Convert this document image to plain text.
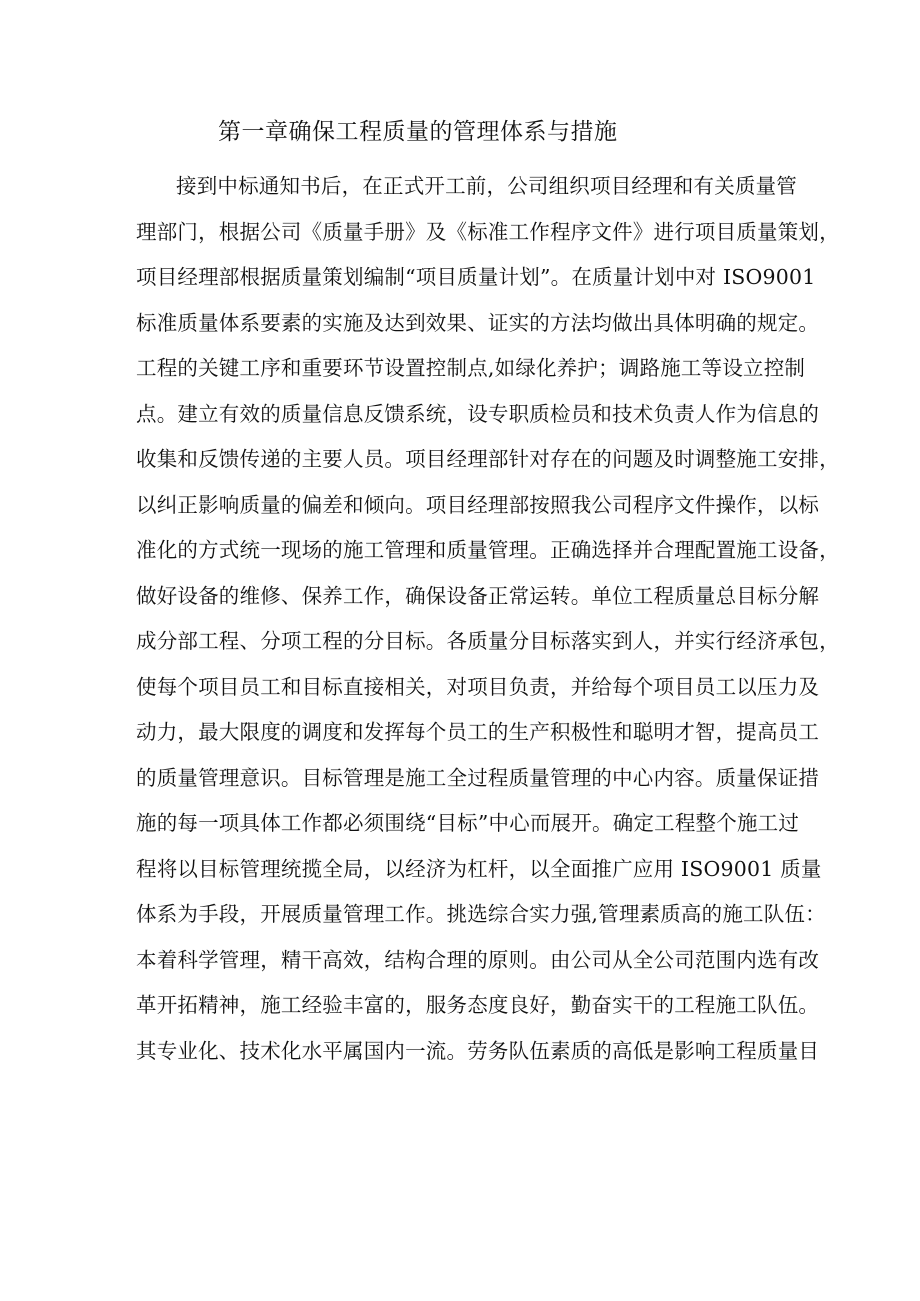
第一章确保工程质量的管理体系与措施
接到中标通知书后，在正式开工前，公司组织项目经理和有关质量管
理部门，根据公司《质量手册》及《标准工作程序文件》进行项目质量策划，
项目经理部根据质量策划编制“项目质量计划”。在质量计划中对 ISO9001
标准质量体系要素的实施及达到效果、证实的方法均做出具体明确的规定。
工程的关键工序和重要环节设置控制点,如绿化养护；调路施工等设立控制
点。建立有效的质量信息反馈系统，设专职质检员和技术负责人作为信息的
收集和反馈传递的主要人员。项目经理部针对存在的问题及时调整施工安排，
以纠正影响质量的偏差和倾向。项目经理部按照我公司程序文件操作，以标
准化的方式统一现场的施工管理和质量管理。正确选择并合理配置施工设备，
做好设备的维修、保养工作，确保设备正常运转。单位工程质量总目标分解
成分部工程、分项工程的分目标。各质量分目标落实到人，并实行经济承包，
使每个项目员工和目标直接相关，对项目负责，并给每个项目员工以压力及
动力，最大限度的调度和发挥每个员工的生产积极性和聪明才智，提高员工
的质量管理意识。目标管理是施工全过程质量管理的中心内容。质量保证措
施的每一项具体工作都必须围绕“目标”中心而展开。确定工程整个施工过
程将以目标管理统揽全局，以经济为杠杆，以全面推广应用 ISO9001 质量
体系为手段，开展质量管理工作。挑选综合实力强,管理素质高的施工队伍：
本着科学管理，精干高效，结构合理的原则。由公司从全公司范围内选有改
革开拓精神，施工经验丰富的，服务态度良好，勤奋实干的工程施工队伍。
其专业化、技术化水平属国内一流。劳务队伍素质的高低是影响工程质量目
